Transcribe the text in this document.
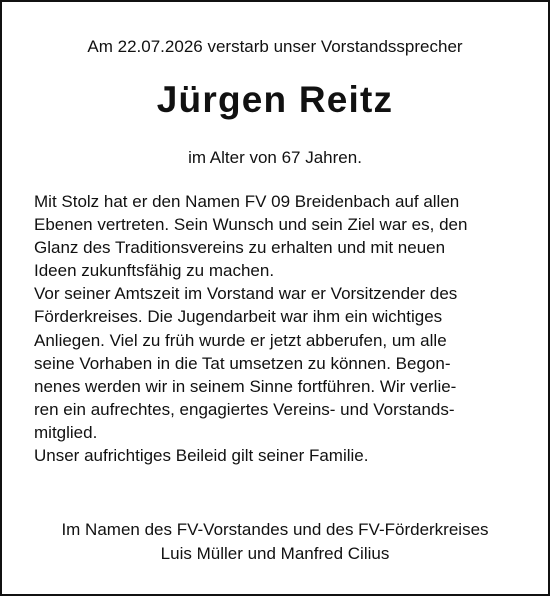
Am 22.07.2026 verstarb unser Vorstandssprecher
Jürgen Reitz
im Alter von 67 Jahren.
Mit Stolz hat er den Namen FV 09 Breidenbach auf allen
Ebenen vertreten. Sein Wunsch und sein Ziel war es, den
Glanz des Traditionsvereins zu erhalten und mit neuen
Ideen zukunftsfähig zu machen.
Vor seiner Amtszeit im Vorstand war er Vorsitzender des
Förderkreises. Die Jugendarbeit war ihm ein wichtiges
Anliegen. Viel zu früh wurde er jetzt abberufen, um alle
seine Vorhaben in die Tat umsetzen zu können. Begon-
nenes werden wir in seinem Sinne fortführen. Wir verlie-
ren ein aufrechtes, engagiertes Vereins- und Vorstands-
mitglied.
Unser aufrichtiges Beileid gilt seiner Familie.
Im Namen des FV-Vorstandes und des FV-Förderkreises
Luis Müller und Manfred Cilius
